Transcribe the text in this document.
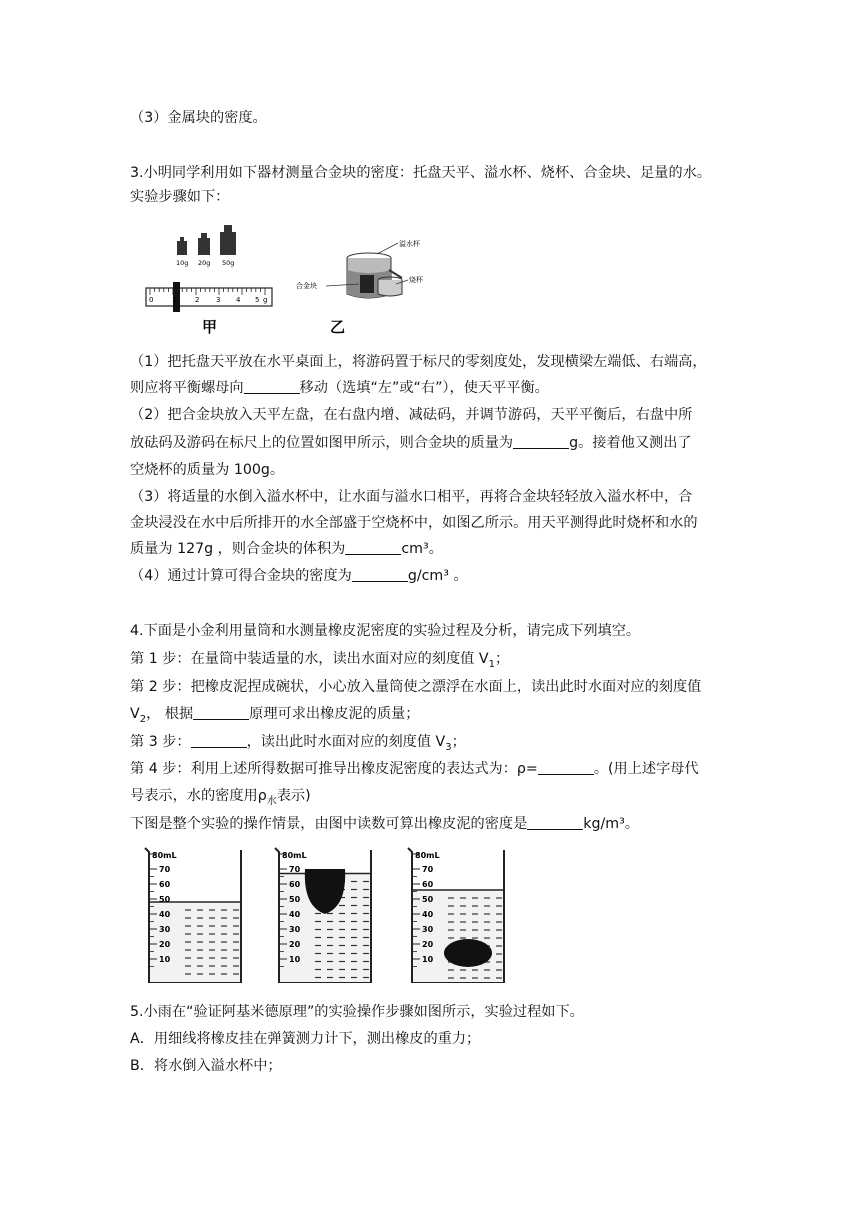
（3）金属块的密度。
3.小明同学利用如下器材测量合金块的密度：托盘天平、溢水杯、烧杯、合金块、足量的水。
实验步骤如下：
10g 20g 50g
0	1	2 3 4 5 g
甲
溢水杯
烧杯
合金块
乙
（1）把托盘天平放在水平桌面上，将游码置于标尺的零刻度处，发现横梁左端低、右端高，
则应将平衡螺母向	移动（选填“左”或“右”），使天平平衡。
（2）把合金块放入天平左盘，在右盘内增、减砝码，并调节游码，天平平衡后，右盘中所
放砝码及游码在标尺上的位置如图甲所示，则合金块的质量为	g。接着他又测出了
空烧杯的质量为 100g。
（3）将适量的水倒入溢水杯中，让水面与溢水口相平，再将合金块轻轻放入溢水杯中，合
金块浸没在水中后所排开的水全部盛于空烧杯中，如图乙所示。用天平测得此时烧杯和水的
质量为 127g ，则合金块的体积为	cm³。
（4）通过计算可得合金块的密度为	g/cm³ 。
4.下面是小金利用量筒和水测量橡皮泥密度的实验过程及分析，请完成下列填空。
第 1 步：在量筒中装适量的水，读出水面对应的刻度值 $V_1$；
第 2 步：把橡皮泥捏成碗状，小心放入量筒使之漂浮在水面上，读出此时水面对应的刻度值
$V_2$， 根据	原理可求出橡皮泥的质量；
第 3 步：	，读出此时水面对应的刻度值 $V_3$；
第 4 步：利用上述所得数据可推导出橡皮泥密度的表达式为：ρ=	。(用上述字母代
号表示，水的密度用$\rho_水$表示)
下图是整个实验的操作情景，由图中读数可算出橡皮泥的密度是	kg/m³。
80mL
70
60
50
40
30
20
10
80mL
70
60
50
40
30
20
10
80mL
70
60
50
40
30
20
10
5.小雨在“验证阿基米德原理”的实验操作步骤如图所示，实验过程如下。
A．用细线将橡皮挂在弹簧测力计下，测出橡皮的重力；
B．将水倒入溢水杯中；
